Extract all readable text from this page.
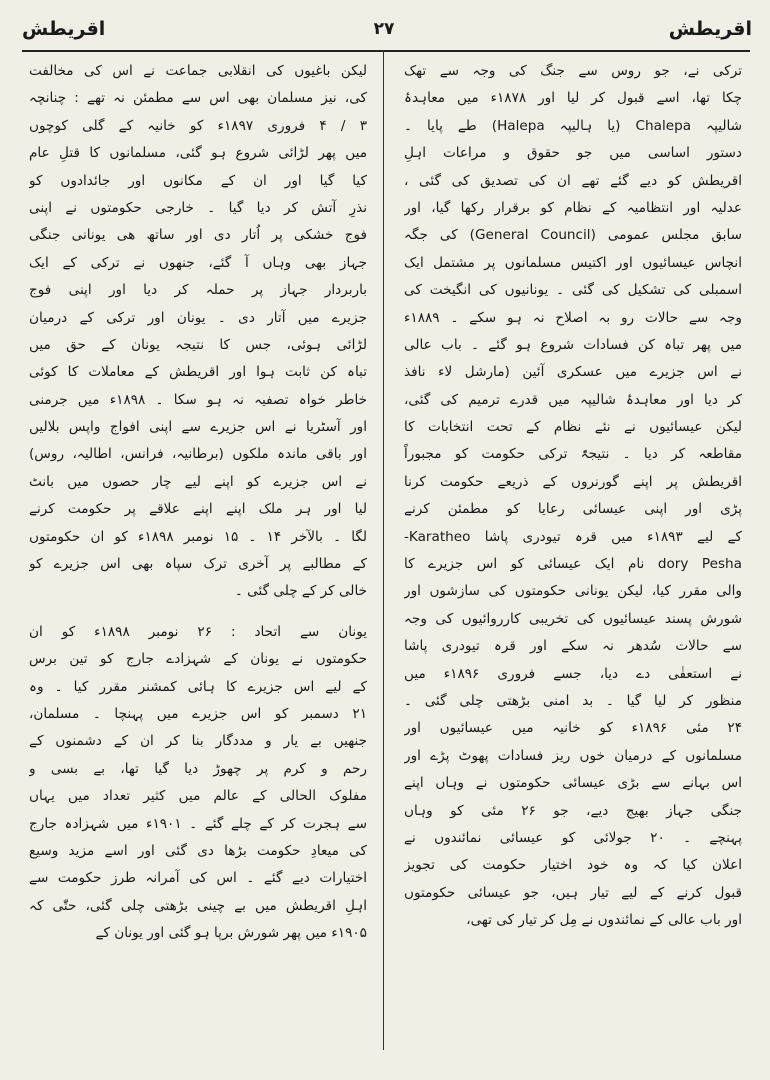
اقریطش
۲۷
اقریطش
ترکی نے، جو روس سے جنگ کی وجہ سے تھک
چکا تھا، اسے قبول کر لیا اور ۱۸۷۸ء میں معاہدۂ
شالیپہ Chalepa (یا ہالیپہ Halepa) طے پایا ۔
دستور اساسی میں جو حقوق و مراعات اہلِ
اقریطش کو دیے گئے تھے ان کی تصدیق کی گئی ،
عدلیہ اور انتظامیہ کے نظام کو برقرار رکھا گیا، اور
سابق مجلس عمومی (General Council) کی جگہ
انچاس عیسائیوں اور اکتیس مسلمانوں پر مشتمل ایک
اسمبلی کی تشکیل کی گئی ۔ یونانیوں کی انگیخت کی
وجہ سے حالات رو بہ اصلاح نہ ہو سکے ۔ ۱۸۸۹ء
میں پھر تباہ کن فسادات شروع ہو گئے ۔ باب عالی
نے اس جزیرے میں عسکری آئین (مارشل لاء نافذ
کر دیا اور معاہدۂ شالیپہ میں قدرے ترمیم کی گئی،
لیکن عیسائیوں نے نئے نظام کے تحت انتخابات کا
مقاطعہ کر دیا ۔ نتیجۃً ترکی حکومت کو مجبوراً
اقریطش پر اپنے گورنروں کے ذریعے حکومت کرنا
پڑی اور اپنی عیسائی رعایا کو مطمئن کرنے
کے لیے ۱۸۹۳ء میں قرہ تیودری پاشا Karatheo-
dory Pesha نام ایک عیسائی کو اس جزیرے کا
والی مقرر کیا، لیکن یونانی حکومتوں کی سازشوں اور
شورش پسند عیسائیوں کی تخریبی کارروائیوں کی وجہ
سے حالات سُدھر نہ سکے اور قرہ تیودری پاشا
نے استعفٰی دے دیا، جسے فروری ۱۸۹۶ء میں
منظور کر لیا گیا ۔ بد امنی بڑھتی چلی گئی ۔
۲۴ مئی ۱۸۹۶ء کو خانیہ میں عیسائیوں اور
مسلمانوں کے درمیان خوں ریز فسادات پھوٹ پڑے اور
اس بہانے سے بڑی عیسائی حکومتوں نے وہاں اپنے
جنگی جہاز بھیج دیے، جو ۲۶ مئی کو وہاں
پہنچے ۔ ۲۰ جولائی کو عیسائی نمائندوں نے
اعلان کیا کہ وہ خود اختیار حکومت کی تجویز
قبول کرنے کے لیے تیار ہیں، جو عیسائی حکومتوں
اور باب عالی کے نمائندوں نے مِل کر تیار کی تھی،
لیکن باغیوں کی انقلابی جماعت نے اس کی مخالفت
کی، نیز مسلمان بھی اس سے مطمئن نہ تھے : چنانچہ
۳ / ۴ فروری ۱۸۹۷ء کو خانیہ کے گلی کوچوں
میں پھر لڑائی شروع ہو گئی، مسلمانوں کا قتلِ عام
کیا گیا اور ان کے مکانوں اور جائدادوں کو
نذرِ آتش کر دیا گیا ۔ خارجی حکومتوں نے اپنی
فوج خشکی پر اُتار دی اور ساتھ ھی یونانی جنگی
جہاز بھی وہاں آ گئے، جنھوں نے ترکی کے ایک
باربردار جہاز پر حملہ کر دیا اور اپنی فوج
جزیرے میں آتار دی ۔ یونان اور ترکی کے درمیان
لڑائی ہوئی، جس کا نتیجہ یونان کے حق میں
تباہ کن ثابت ہوا اور اقریطش کے معاملات کا کوئی
خاطر خواہ تصفیہ نہ ہو سکا ۔ ۱۸۹۸ء میں جرمنی
اور آسٹریا نے اس جزیرے سے اپنی افواج واپس بلالیں
اور باقی ماندہ ملکوں (برطانیہ، فرانس، اطالیہ، روس)
نے اس جزیرے کو اپنے لیے چار حصوں میں بانٹ
لیا اور ہر ملک اپنے اپنے علاقے پر حکومت کرنے
لگا ۔ بالآخر ۱۴ ۔ ۱۵ نومبر ۱۸۹۸ء کو ان حکومتوں
کے مطالبے پر آخری ترک سپاہ بھی اس جزیرے کو
خالی کر کے چلی گئی ۔
یونان سے اتحاد : ۲۶ نومبر ۱۸۹۸ء کو ان
حکومتوں نے یونان کے شہزادے جارج کو تین برس
کے لیے اس جزیرے کا ہائی کمشنر مقرر کیا ۔ وہ
۲۱ دسمبر کو اس جزیرے میں پہنچا ۔ مسلمان،
جنھیں بے یار و مددگار بنا کر ان کے دشمنوں کے
رحم و کرم پر چھوڑ دیا گیا تھا، بے بسی و
مفلوک الحالی کے عالم میں کثیر تعداد میں یہاں
سے ہجرت کر کے چلے گئے ۔ ۱۹۰۱ء میں شہزادہ جارج
کی میعادِ حکومت بڑھا دی گئی اور اسے مزید وسیع
اختیارات دیے گئے ۔ اس کی آمرانہ طرز حکومت سے
اہلِ اقریطش میں بے چینی بڑھتی چلی گئی، حتّٰی کہ
۱۹۰۵ء میں پھر شورش برپا ہو گئی اور یونان کے
